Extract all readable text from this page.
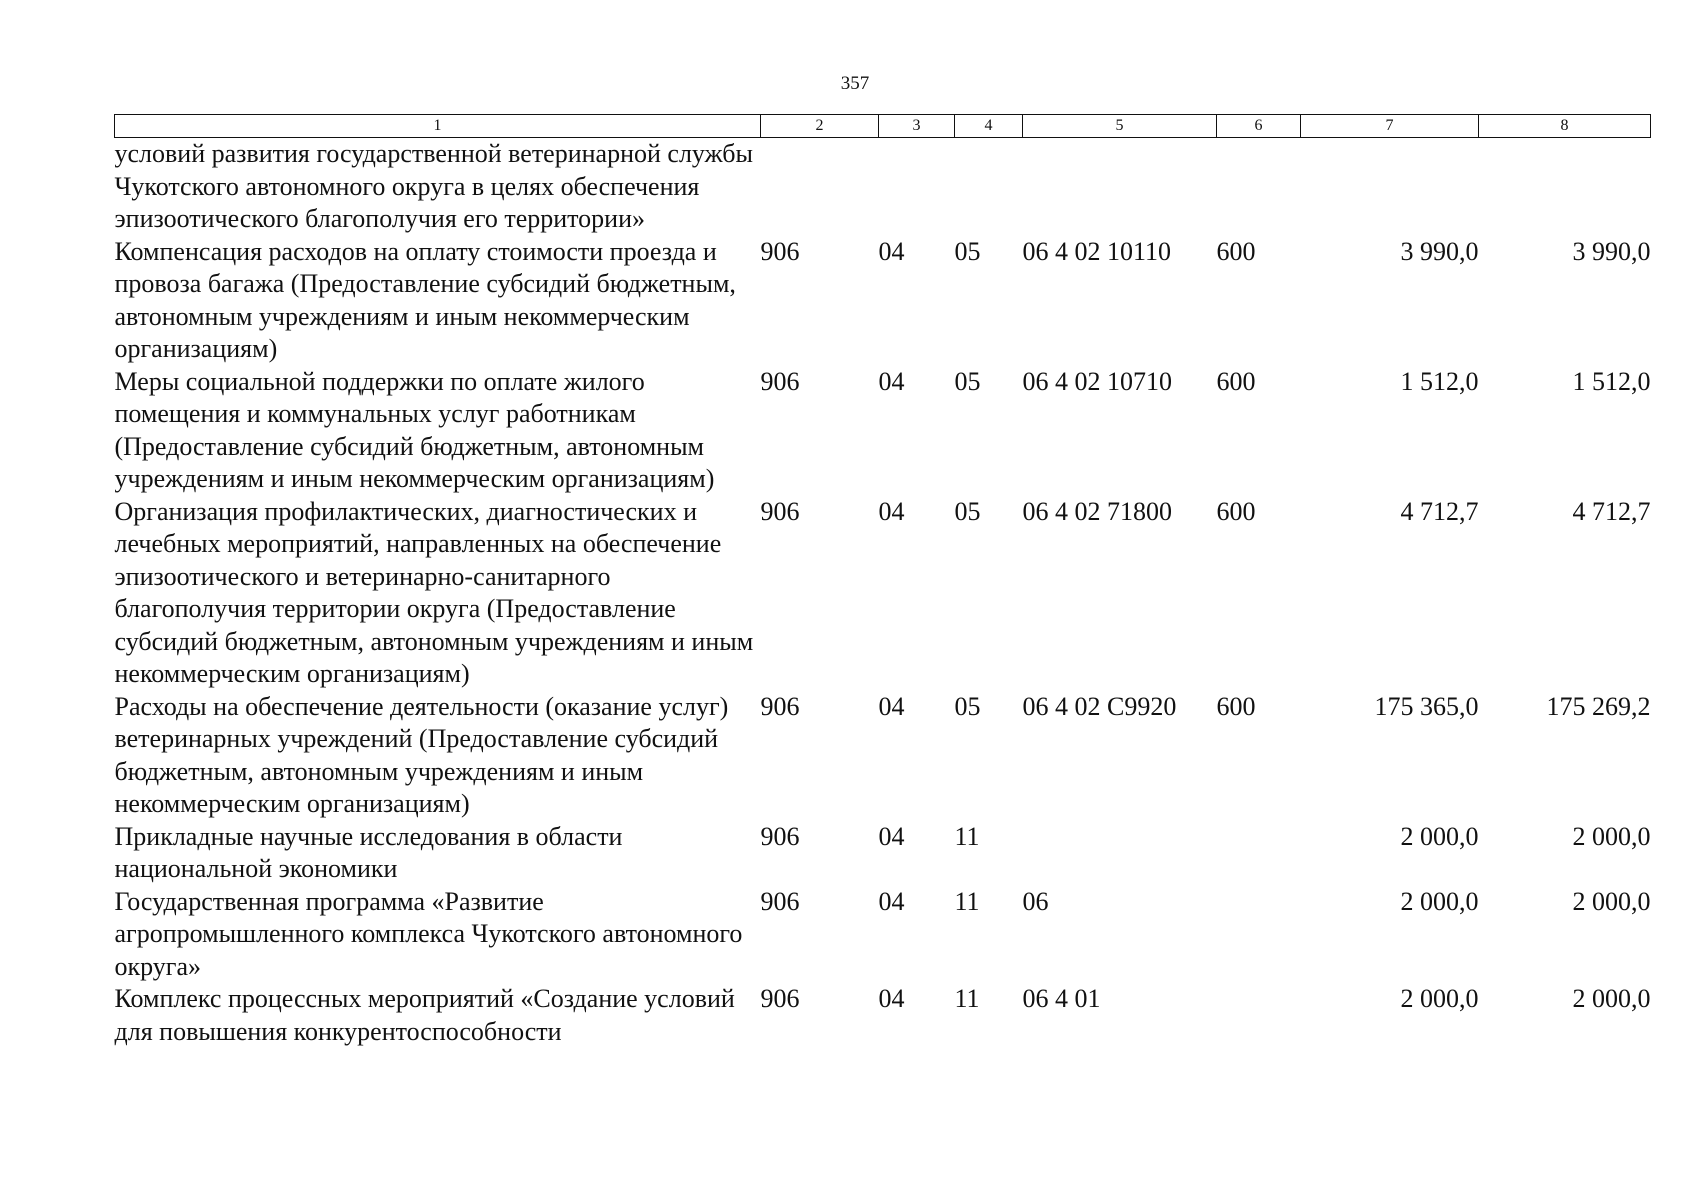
357
1	2	3	4	5	6	7	8
условий развития государственной ветеринарной службы Чукотского автономного округа в целях обеспечения эпизоотического благополучия его территории»							
Компенсация расходов на оплату стоимости проезда и провоза багажа (Предоставление субсидий бюджетным, автономным учреждениям и иным некоммерческим организациям)	906	04	05	06 4 02 10110	600	3 990,0	3 990,0
Меры социальной поддержки по оплате жилого помещения и коммунальных услуг работникам (Предоставление субсидий бюджетным, автономным учреждениям и иным некоммерческим организациям)	906	04	05	06 4 02 10710	600	1 512,0	1 512,0
Организация профилактических, диагностических и лечебных мероприятий, направленных на обеспечение эпизоотического и ветеринарно-санитарного благополучия территории округа (Предоставление субсидий бюджетным, автономным учреждениям и иным некоммерческим организациям)	906	04	05	06 4 02 71800	600	4 712,7	4 712,7
Расходы на обеспечение деятельности (оказание услуг) ветеринарных учреждений (Предоставление субсидий бюджетным, автономным учреждениям и иным некоммерческим организациям)	906	04	05	06 4 02 С9920	600	175 365,0	175 269,2
Прикладные научные исследования в области национальной экономики	906	04	11			2 000,0	2 000,0
Государственная программа «Развитие агропромышленного комплекса Чукотского автономного округа»	906	04	11	06		2 000,0	2 000,0
Комплекс процессных мероприятий «Создание условий для повышения конкурентоспособности	906	04	11	06 4 01		2 000,0	2 000,0
